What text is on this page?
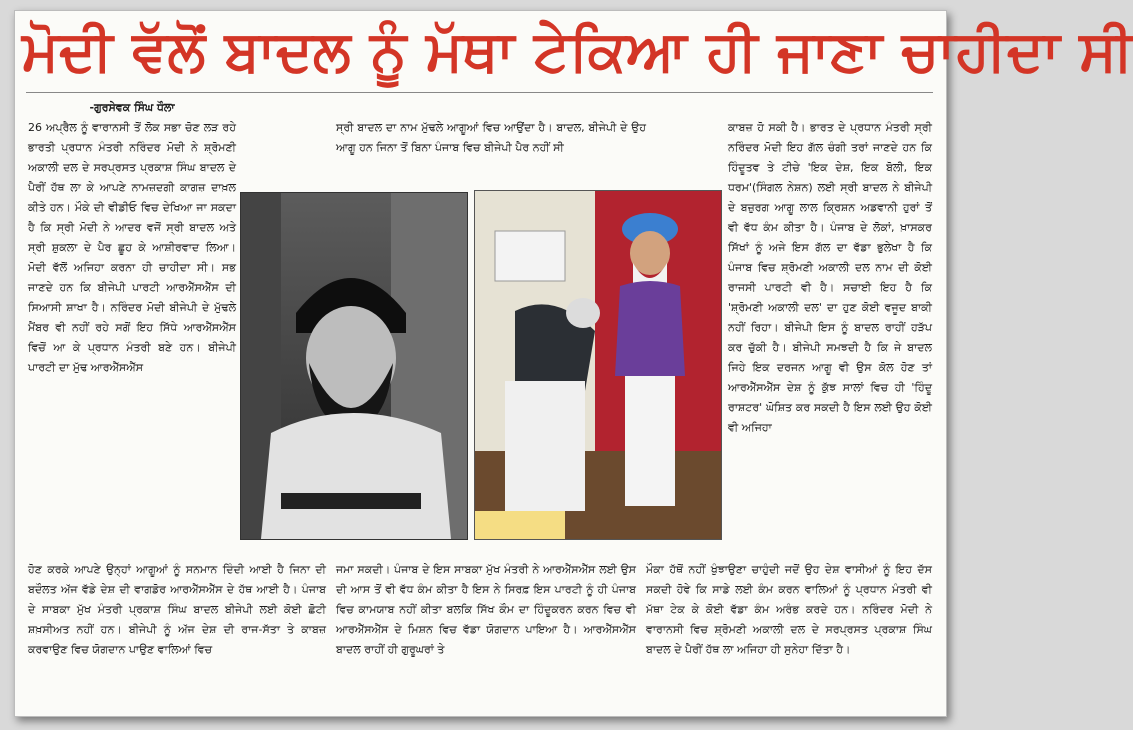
ਮੋਦੀ ਵੱਲੋਂ ਬਾਦਲ ਨੂੰ ਮੱਥਾ ਟੇਕਿਆ ਹੀ ਜਾਣਾ ਚਾਹੀਦਾ ਸੀ

-ਗੁਰਸੇਵਕ ਸਿੰਘ ਧੌਲਾ

26 ਅਪ੍ਰੈਲ ਨੂੰ ਵਾਰਾਨਸੀ ਤੋਂ ਲੋਕ ਸਭਾ ਚੋਣ ਲੜ ਰਹੇ ਭਾਰਤੀ ਪ੍ਰਧਾਨ ਮੰਤਰੀ ਨਰਿੰਦਰ ਮੋਦੀ ਨੇ ਸ਼੍ਰੋਮਣੀ ਅਕਾਲੀ ਦਲ ਦੇ ਸਰਪ੍ਰਸਤ ਪ੍ਰਕਾਸ਼ ਸਿੰਘ ਬਾਦਲ ਦੇ ਪੈਰੀਂ ਹੱਥ ਲਾ ਕੇ ਆਪਣੇ ਨਾਮਜ਼ਦਗੀ ਕਾਗਜ਼ ਦਾਖ਼ਲ ਕੀਤੇ ਹਨ। ਮੌਕੇ ਦੀ ਵੀਡੀਓ ਵਿਚ ਦੇਖਿਆ ਜਾ ਸਕਦਾ ਹੈ ਕਿ ਸ੍ਰੀ ਮੋਦੀ ਨੇ ਆਦਰ ਵਜੋਂ ਸ੍ਰੀ ਬਾਦਲ ਅਤੇ ਸ੍ਰੀ ਸ਼ੁਕਲਾ ਦੇ ਪੈਰ ਛੂਹ ਕੇ ਆਸ਼ੀਰਵਾਦ ਲਿਆ। ਮੋਦੀ ਵੱਲੋਂ ਅਜਿਹਾ ਕਰਨਾ ਹੀ ਚਾਹੀਦਾ ਸੀ। ਸਭ ਜਾਣਦੇ ਹਨ ਕਿ ਬੀਜੇਪੀ ਪਾਰਟੀ ਆਰਐੱਸਐੱਸ ਦੀ ਸਿਆਸੀ ਸ਼ਾਖਾ ਹੈ। ਨਰਿੰਦਰ ਮੋਦੀ ਬੀਜੇਪੀ ਦੇ ਮੁੱਢਲੇ ਮੈਂਬਰ ਵੀ ਨਹੀਂ ਰਹੇ ਸਗੋਂ ਇਹ ਸਿੱਧੇ ਆਰਐੱਸਐੱਸ ਵਿਚੋਂ ਆ ਕੇ ਪ੍ਰਧਾਨ ਮੰਤਰੀ ਬਣੇ ਹਨ। ਬੀਜੇਪੀ ਪਾਰਟੀ ਦਾ ਮੁੱਢ ਆਰਐੱਸਐੱਸ

ਹੋਣ ਕਰਕੇ ਆਪਣੇ ਉਨ੍ਹਾਂ ਆਗੂਆਂ ਨੂੰ ਸਨਮਾਨ ਦਿੰਦੀ ਆਈ ਹੈ ਜਿਨਾ ਦੀ ਬਦੌਲਤ ਅੱਜ ਵੱਡੇ ਦੇਸ਼ ਦੀ ਵਾਗਡੋਰ ਆਰਐੱਸਐੱਸ ਦੇ ਹੱਥ ਆਈ ਹੈ। ਪੰਜਾਬ ਦੇ ਸਾਬਕਾ ਮੁੱਖ ਮੰਤਰੀ ਪ੍ਰਕਾਸ਼ ਸਿੰਘ ਬਾਦਲ ਬੀਜੇਪੀ ਲਈ ਕੋਈ ਛੋਟੀ ਸ਼ਖ਼ਸੀਅਤ ਨਹੀਂ ਹਨ। ਬੀਜੇਪੀ ਨੂੰ ਅੱਜ ਦੇਸ਼ ਦੀ ਰਾਜ-ਸੱਤਾ ਤੇ ਕਾਬਜ਼ ਕਰਵਾਉਣ ਵਿਚ ਯੋਗਦਾਨ ਪਾਉਣ ਵਾਲਿਆਂ ਵਿਚ

ਸ੍ਰੀ ਬਾਦਲ ਦਾ ਨਾਮ ਮੁੱਢਲੇ ਆਗੂਆਂ ਵਿਚ ਆਉਂਦਾ ਹੈ। ਬਾਦਲ, ਬੀਜੇਪੀ ਦੇ ਉਹ ਆਗੂ ਹਨ ਜਿਨਾ ਤੋਂ ਬਿਨਾ ਪੰਜਾਬ ਵਿਚ ਬੀਜੇਪੀ ਪੈਰ ਨਹੀਂ ਸੀ

ਜਮਾ ਸਕਦੀ। ਪੰਜਾਬ ਦੇ ਇਸ ਸਾਬਕਾ ਮੁੱਖ ਮੰਤਰੀ ਨੇ ਆਰਐੱਸਐੱਸ ਲਈ ਉਸ ਦੀ ਆਸ ਤੋਂ ਵੀ ਵੱਧ ਕੰਮ ਕੀਤਾ ਹੈ ਇਸ ਨੇ ਸਿਰਫ਼ ਇਸ ਪਾਰਟੀ ਨੂੰ ਹੀ ਪੰਜਾਬ ਵਿਚ ਕਾਮਯਾਬ ਨਹੀਂ ਕੀਤਾ ਬਲਕਿ ਸਿੱਖ ਕੌਮ ਦਾ ਹਿੰਦੂਕਰਨ ਕਰਨ ਵਿਚ ਵੀ ਆਰਐੱਸਐੱਸ ਦੇ ਮਿਸ਼ਨ ਵਿਚ ਵੱਡਾ ਯੋਗਦਾਨ ਪਾਇਆ ਹੈ। ਆਰਐੱਸਐੱਸ ਬਾਦਲ ਰਾਹੀਂ ਹੀ ਗੁਰੂਘਰਾਂ ਤੇ

ਕਾਬਜ਼ ਹੋ ਸਕੀ ਹੈ। ਭਾਰਤ ਦੇ ਪ੍ਰਧਾਨ ਮੰਤਰੀ ਸ੍ਰੀ ਨਰਿੰਦਰ ਮੋਦੀ ਇਹ ਗੱਲ ਚੰਗੀ ਤਰਾਂ ਜਾਣਦੇ ਹਨ ਕਿ ਹਿੰਦੂਤਵ ਤੇ ਟੀਚੇ 'ਇਕ ਦੇਸ਼, ਇਕ ਬੋਲੀ, ਇਕ ਧਰਮ'(ਸਿੰਗਲ ਨੇਸ਼ਨ) ਲਈ ਸ੍ਰੀ ਬਾਦਲ ਨੇ ਬੀਜੇਪੀ ਦੇ ਬਜ਼ੁਰਗ ਆਗੂ ਲਾਲ ਕ੍ਰਿਸ਼ਨ ਅਡਵਾਨੀ ਹੁਰਾਂ ਤੋਂ ਵੀ ਵੱਧ ਕੰਮ ਕੀਤਾ ਹੈ। ਪੰਜਾਬ ਦੇ ਲੋਕਾਂ, ਖ਼ਾਸਕਰ ਸਿੱਖਾਂ ਨੂੰ ਅਜੇ ਇਸ ਗੱਲ ਦਾ ਵੱਡਾ ਭੁਲੇਖਾ ਹੈ ਕਿ ਪੰਜਾਬ ਵਿਚ ਸ਼੍ਰੋਮਣੀ ਅਕਾਲੀ ਦਲ ਨਾਮ ਦੀ ਕੋਈ ਰਾਜਸੀ ਪਾਰਟੀ ਵੀ ਹੈ। ਸਚਾਈ ਇਹ ਹੈ ਕਿ 'ਸ਼੍ਰੋਮਣੀ ਅਕਾਲੀ ਦਲ' ਦਾ ਹੁਣ ਕੋਈ ਵਜੂਦ ਬਾਕੀ ਨਹੀਂ ਰਿਹਾ। ਬੀਜੇਪੀ ਇਸ ਨੂੰ ਬਾਦਲ ਰਾਹੀਂ ਹੜੱਪ ਕਰ ਚੁੱਕੀ ਹੈ। ਬੀਜੇਪੀ ਸਮਝਦੀ ਹੈ ਕਿ ਜੇ ਬਾਦਲ ਜਿਹੇ ਇਕ ਦਰਜਨ ਆਗੂ ਵੀ ਉਸ ਕੋਲ ਹੋਣ ਤਾਂ ਆਰਐੱਸਐੱਸ ਦੇਸ਼ ਨੂੰ ਕੁੱਝ ਸਾਲਾਂ ਵਿਚ ਹੀ 'ਹਿੰਦੂ ਰਾਸ਼ਟਰ' ਘੋਸ਼ਿਤ ਕਰ ਸਕਦੀ ਹੈ ਇਸ ਲਈ ਉਹ ਕੋਈ ਵੀ ਅਜਿਹਾ

ਮੌਕਾ ਹੱਥੋਂ ਨਹੀਂ ਖੁੰਝਾਉਣਾ ਚਾਹੁੰਦੀ ਜਦੋਂ ਉਹ ਦੇਸ਼ ਵਾਸੀਆਂ ਨੂੰ ਇਹ ਦੱਸ ਸਕਦੀ ਹੋਵੇ ਕਿ ਸਾਡੇ ਲਈ ਕੰਮ ਕਰਨ ਵਾਲਿਆਂ ਨੂੰ ਪ੍ਰਧਾਨ ਮੰਤਰੀ ਵੀ ਮੱਥਾ ਟੇਕ ਕੇ ਕੋਈ ਵੱਡਾ ਕੰਮ ਅਰੰਭ ਕਰਦੇ ਹਨ। ਨਰਿੰਦਰ ਮੋਦੀ ਨੇ ਵਾਰਾਨਸੀ ਵਿਚ ਸ਼੍ਰੋਮਣੀ ਅਕਾਲੀ ਦਲ ਦੇ ਸਰਪ੍ਰਸਤ ਪ੍ਰਕਾਸ਼ ਸਿੰਘ ਬਾਦਲ ਦੇ ਪੈਰੀਂ ਹੱਥ ਲਾ ਅਜਿਹਾ ਹੀ ਸੁਨੇਹਾ ਦਿੱਤਾ ਹੈ।
